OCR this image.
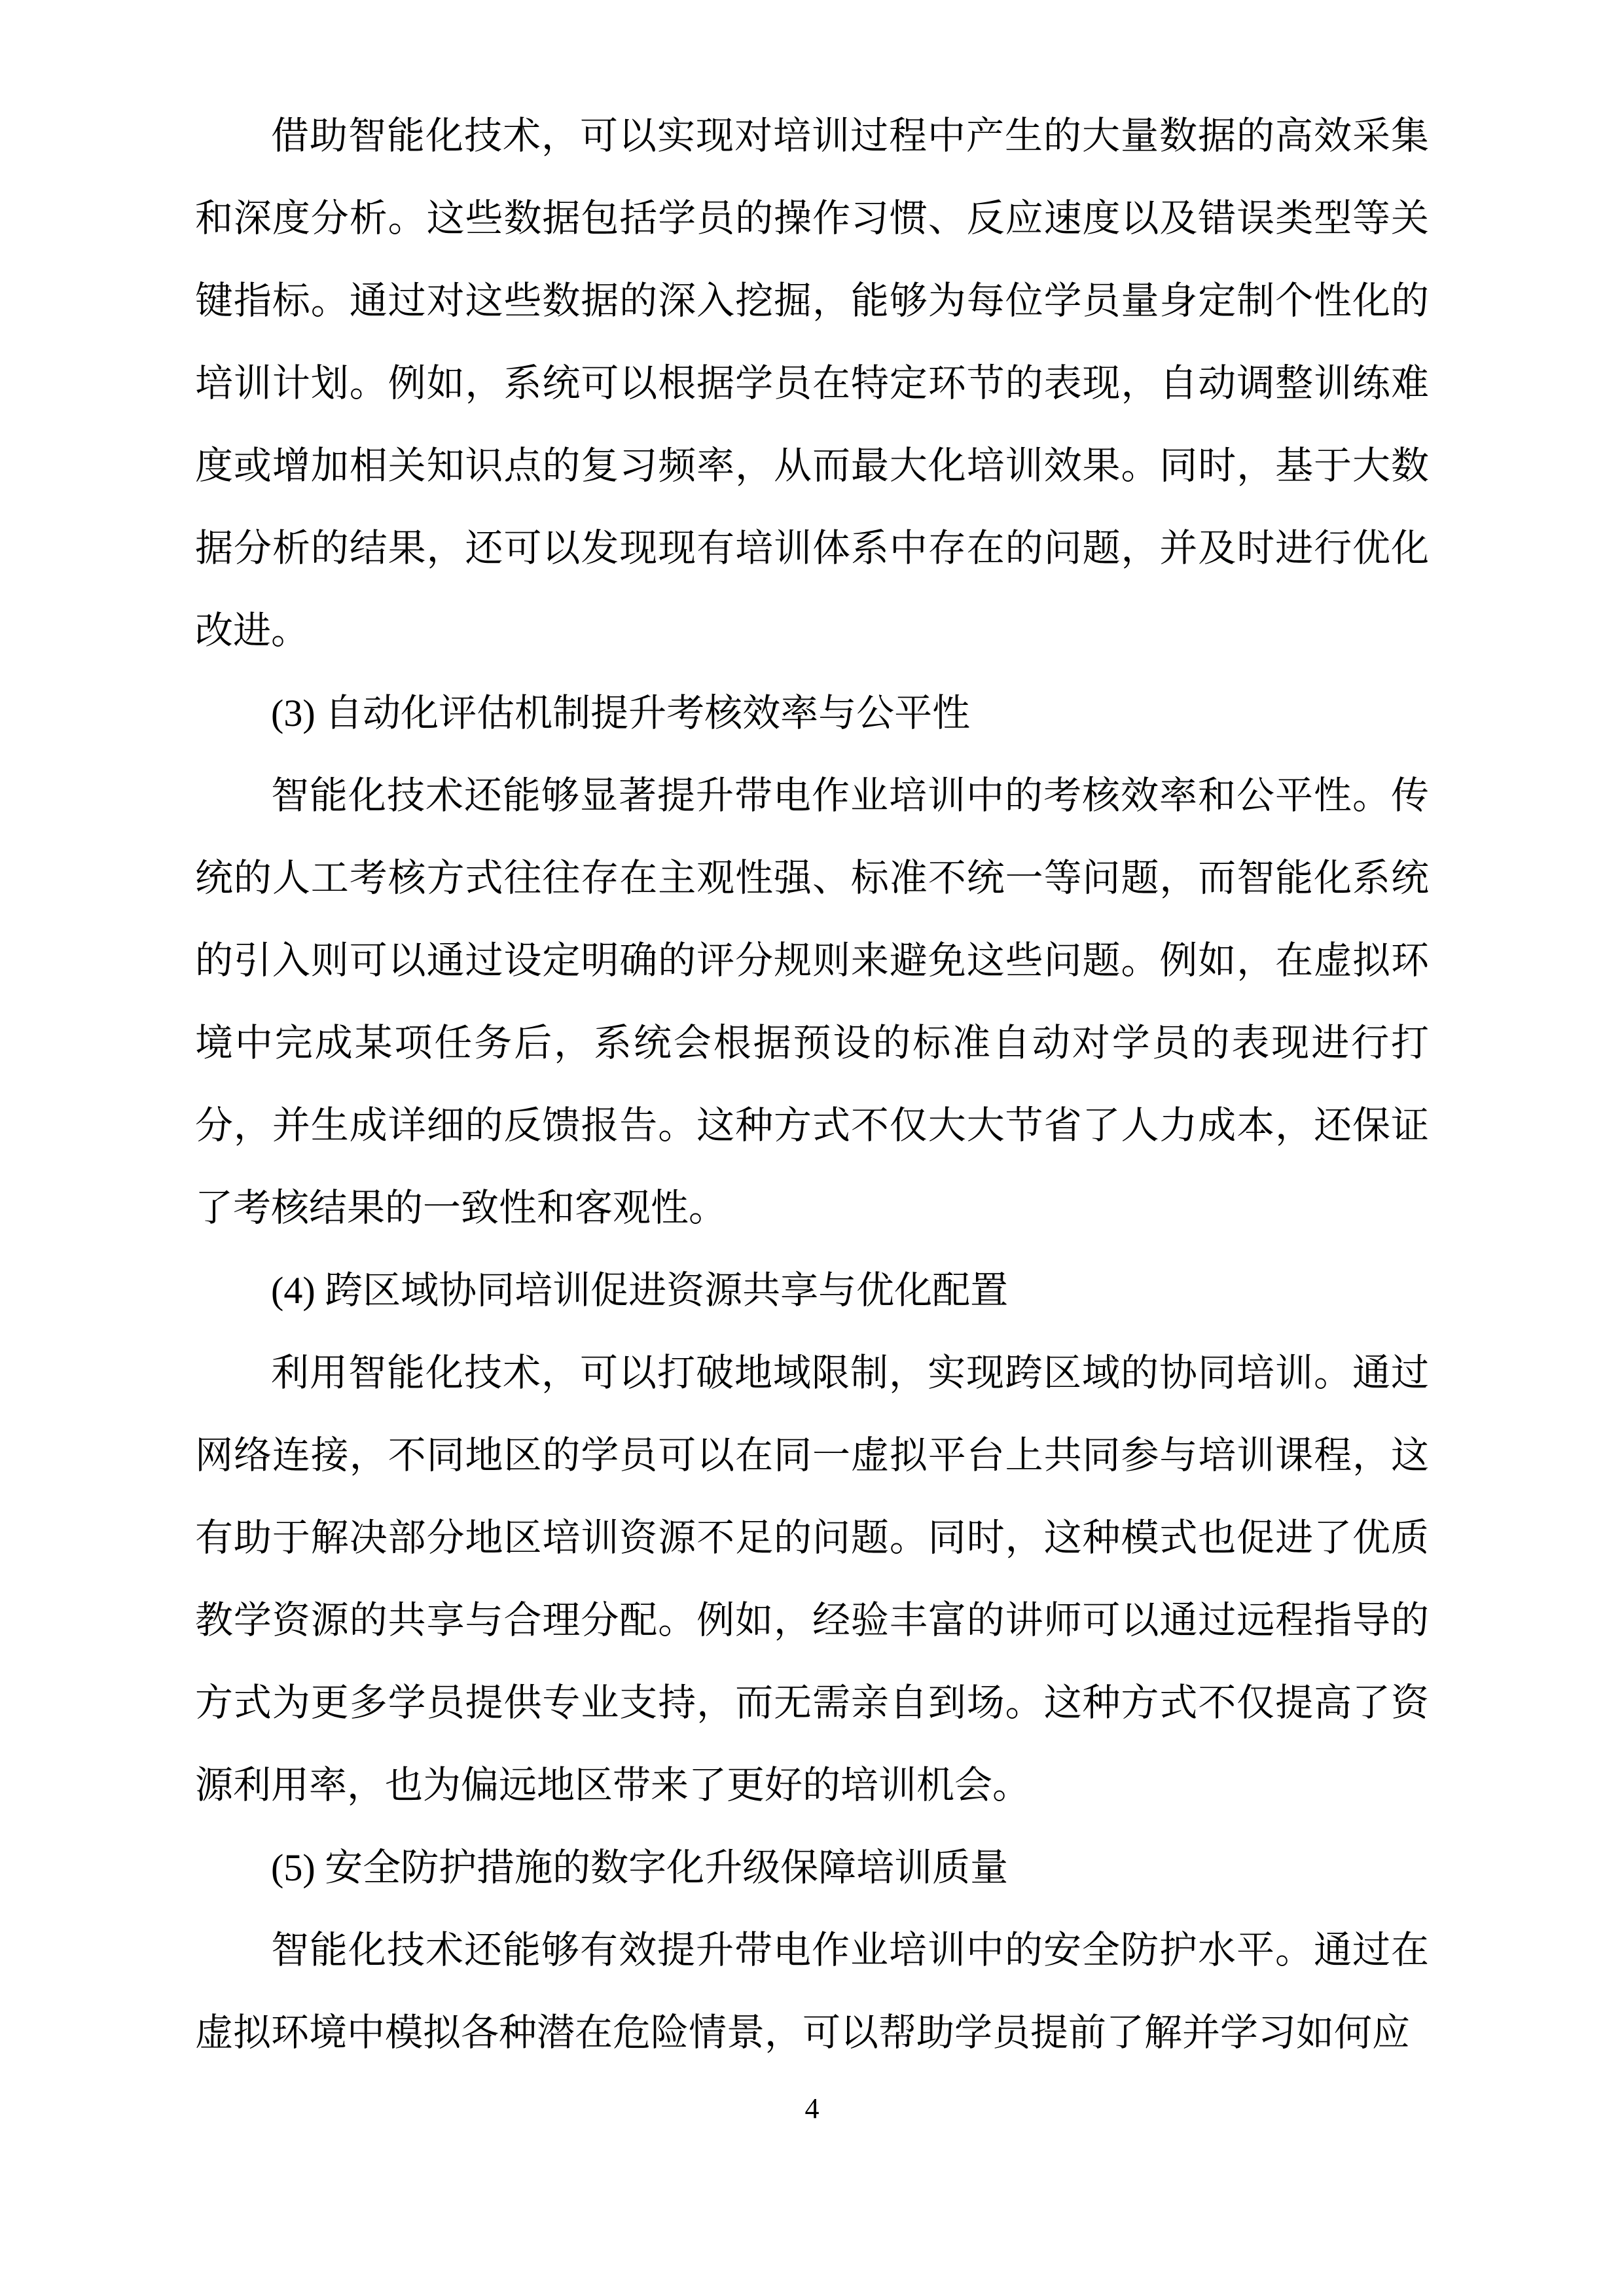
借助智能化技术，可以实现对培训过程中产生的大量数据的高效采集和深度分析。这些数据包括学员的操作习惯、反应速度以及错误类型等关键指标。通过对这些数据的深入挖掘，能够为每位学员量身定制个性化的培训计划。例如，系统可以根据学员在特定环节的表现，自动调整训练难度或增加相关知识点的复习频率，从而最大化培训效果。同时，基于大数据分析的结果，还可以发现现有培训体系中存在的问题，并及时进行优化改进。

(3) 自动化评估机制提升考核效率与公平性

智能化技术还能够显著提升带电作业培训中的考核效率和公平性。传统的人工考核方式往往存在主观性强、标准不统一等问题，而智能化系统的引入则可以通过设定明确的评分规则来避免这些问题。例如，在虚拟环境中完成某项任务后，系统会根据预设的标准自动对学员的表现进行打分，并生成详细的反馈报告。这种方式不仅大大节省了人力成本，还保证了考核结果的一致性和客观性。

(4) 跨区域协同培训促进资源共享与优化配置

利用智能化技术，可以打破地域限制，实现跨区域的协同培训。通过网络连接，不同地区的学员可以在同一虚拟平台上共同参与培训课程，这有助于解决部分地区培训资源不足的问题。同时，这种模式也促进了优质教学资源的共享与合理分配。例如，经验丰富的讲师可以通过远程指导的方式为更多学员提供专业支持，而无需亲自到场。这种方式不仅提高了资源利用率，也为偏远地区带来了更好的培训机会。

(5) 安全防护措施的数字化升级保障培训质量

智能化技术还能够有效提升带电作业培训中的安全防护水平。通过在虚拟环境中模拟各种潜在危险情景，可以帮助学员提前了解并学习如何应

4
